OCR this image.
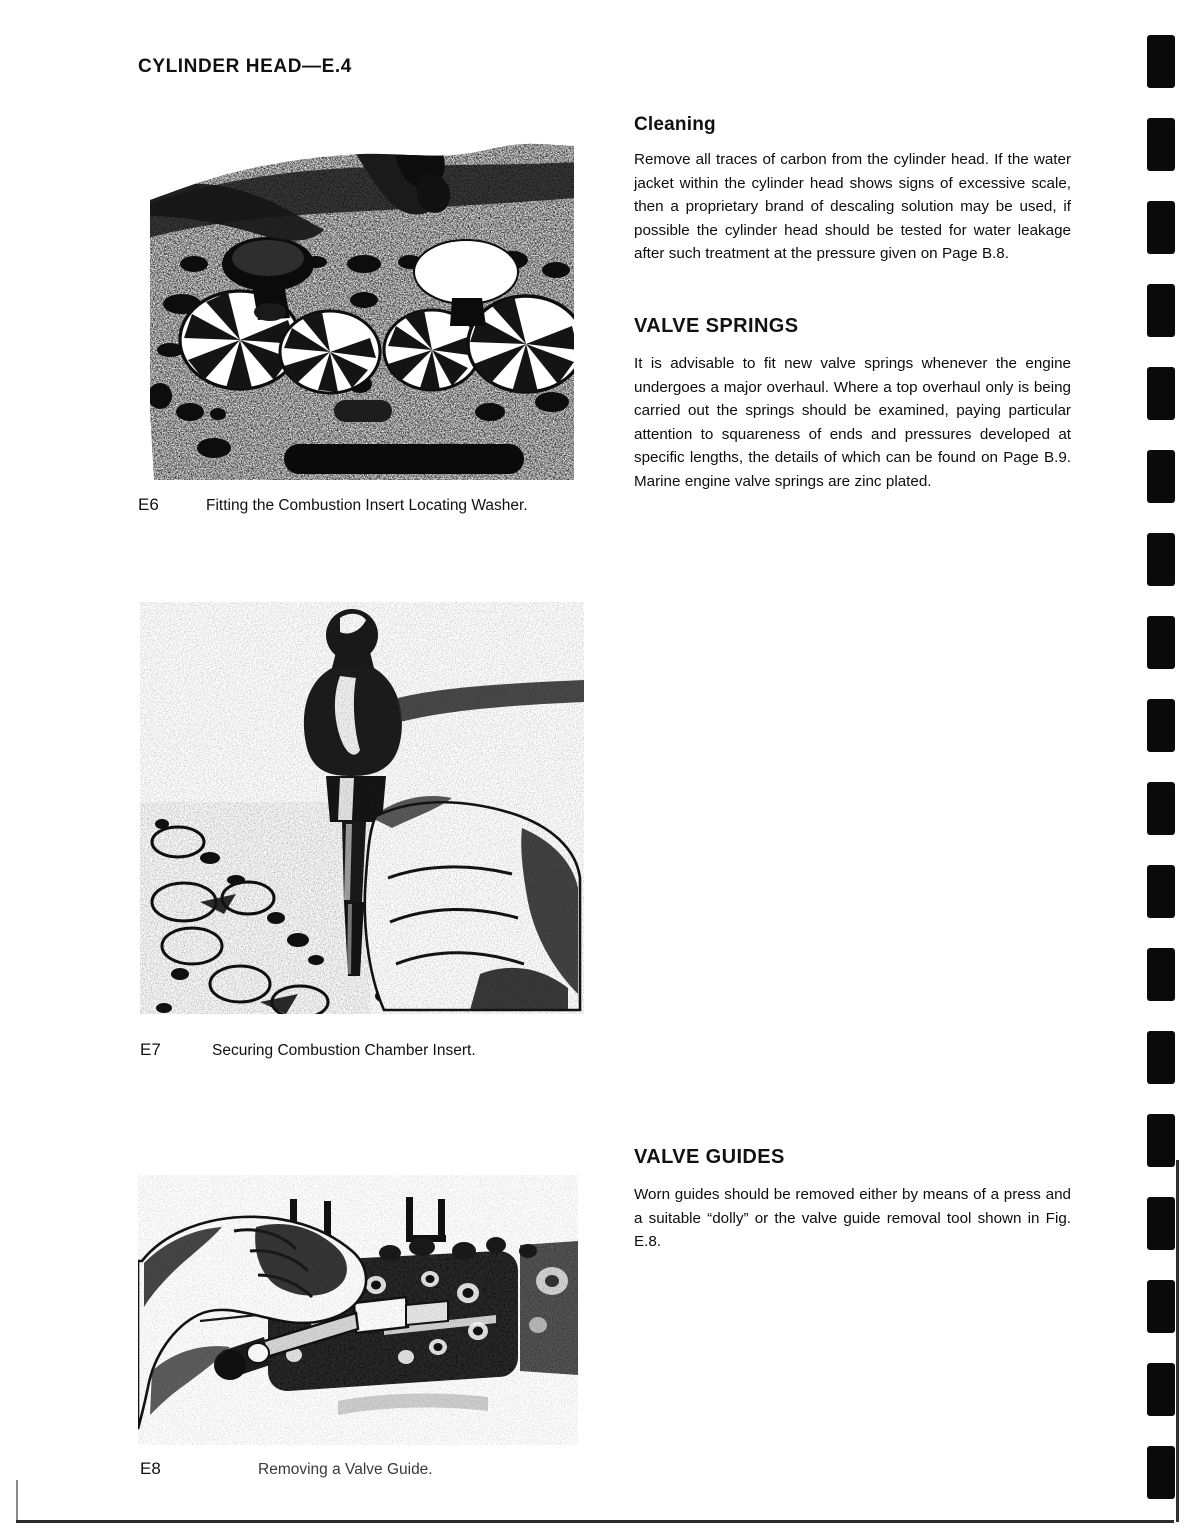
CYLINDER HEAD—E.4
E6	Fitting the Combustion Insert Locating Washer.
E7	Securing Combustion Chamber Insert.
E8	Removing a Valve Guide.
Cleaning

Remove all traces of carbon from the cylinder head. If the water jacket within the cylinder head shows signs of excessive scale, then a proprietary brand of descaling solution may be used, if possible the cylinder head should be tested for water leakage after such treatment at the pressure given on Page B.8.

VALVE SPRINGS

It is advisable to fit new valve springs whenever the engine undergoes a major overhaul. Where a top overhaul only is being carried out the springs should be examined, paying particular attention to squareness of ends and pressures developed at specific lengths, the details of which can be found on Page B.9. Marine engine valve springs are zinc plated.

VALVE GUIDES

Worn guides should be removed either by means of a press and a suitable “dolly” or the valve guide removal tool shown in Fig. E.8.
